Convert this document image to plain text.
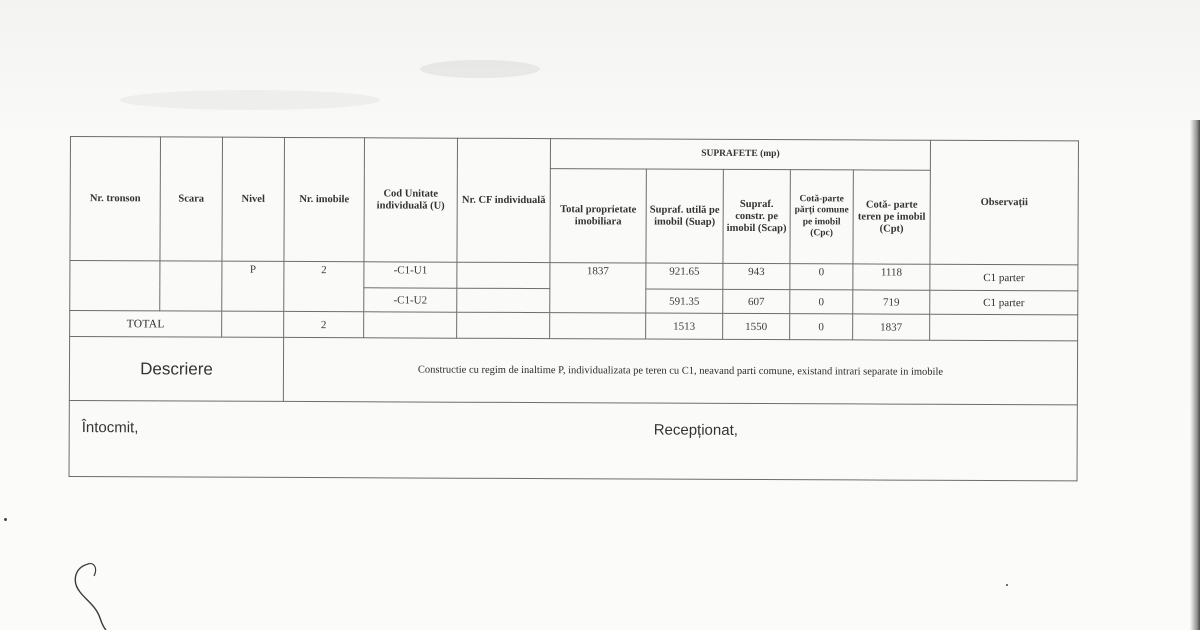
Nr. tronson	Scara	Nivel	Nr. imobile	Cod Unitate individuală (U)	Nr. CF individuală	SUPRAFETE (mp)					Observații
						Total proprietate imobiliara	Supraf. utilă pe imobil (Suap)	Supraf. constr. pe imobil (Scap)	Cotă-parte părți comune pe imobil (Cpc)	Cotă- parte teren pe imobil (Cpt)	
		P	2	-C1-U1		1837	921.65	943	0	1118	C1 parter
				-C1-U2			591.35	607	0	719	C1 parter
TOTAL			2				1513	1550	0	1837	
Descriere			Constructie cu regim de inaltime P, individualizata pe teren cu C1, neavand parti comune, existand intrari separate in imobile								

Întocmit, Recepționat,											
